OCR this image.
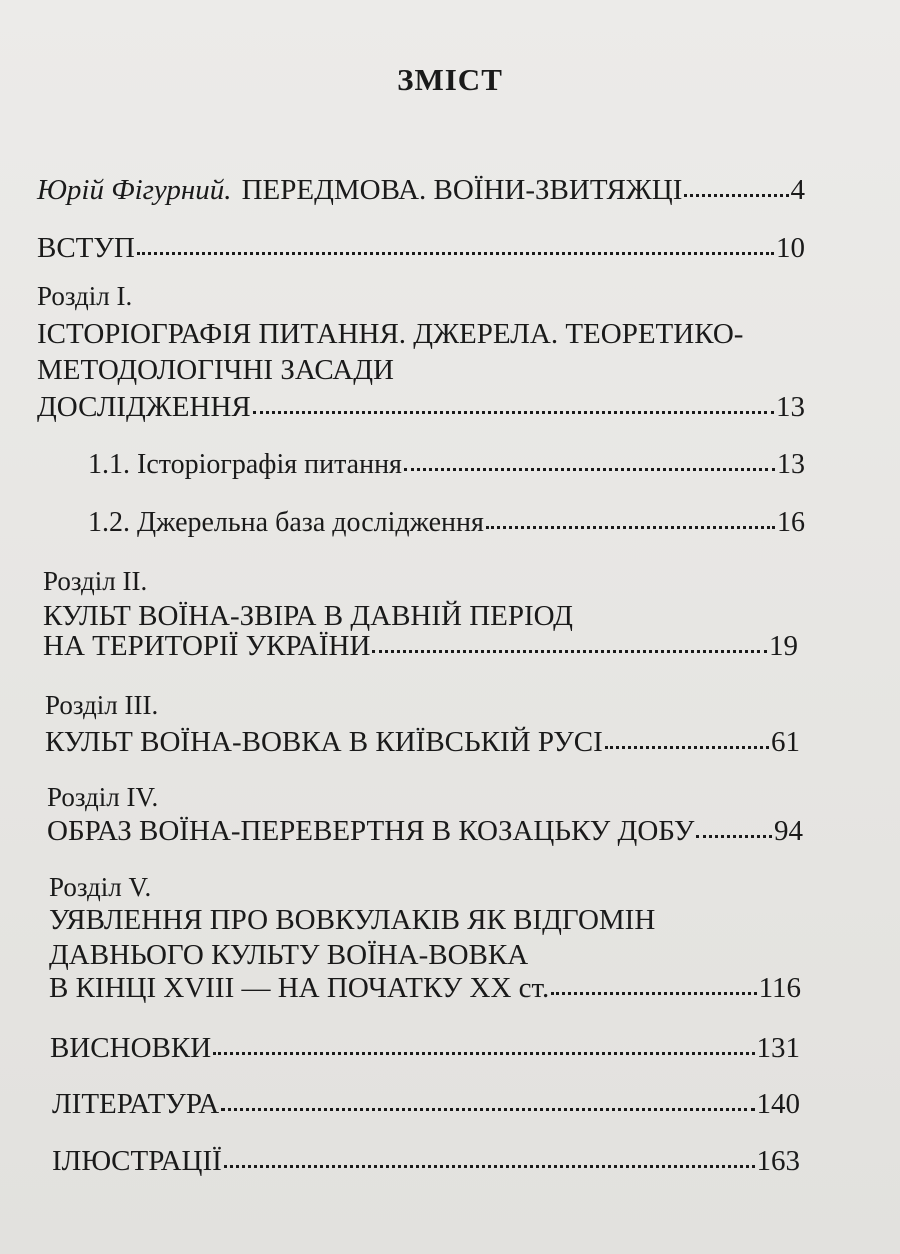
ЗМІСТ
Юрій Фігурний. ПЕРЕДМОВА. ВОЇНИ-ЗВИТЯЖЦІ	4
ВСТУП	10
Розділ І.
ІСТОРІОГРАФІЯ ПИТАННЯ. ДЖЕРЕЛА. ТЕОРЕТИКО-
МЕТОДОЛОГІЧНІ ЗАСАДИ
ДОСЛІДЖЕННЯ	13
1.1. Історіографія питання	13
1.2. Джерельна база дослідження	16
Розділ ІІ.
КУЛЬТ ВОЇНА-ЗВІРА В ДАВНІЙ ПЕРІОД
НА ТЕРИТОРІЇ УКРАЇНИ	19
Розділ ІІІ.
КУЛЬТ ВОЇНА-ВОВКА В КИЇВСЬКІЙ РУСІ	61
Розділ IV.
ОБРАЗ ВОЇНА-ПЕРЕВЕРТНЯ В КОЗАЦЬКУ ДОБУ	94
Розділ V.
УЯВЛЕННЯ ПРО ВОВКУЛАКІВ ЯК ВІДГОМІН
ДАВНЬОГО КУЛЬТУ ВОЇНА-ВОВКА
В КІНЦІ XVIII — НА ПОЧАТКУ XX ст.	116
ВИСНОВКИ	131
ЛІТЕРАТУРА	140
ІЛЮСТРАЦІЇ	163
